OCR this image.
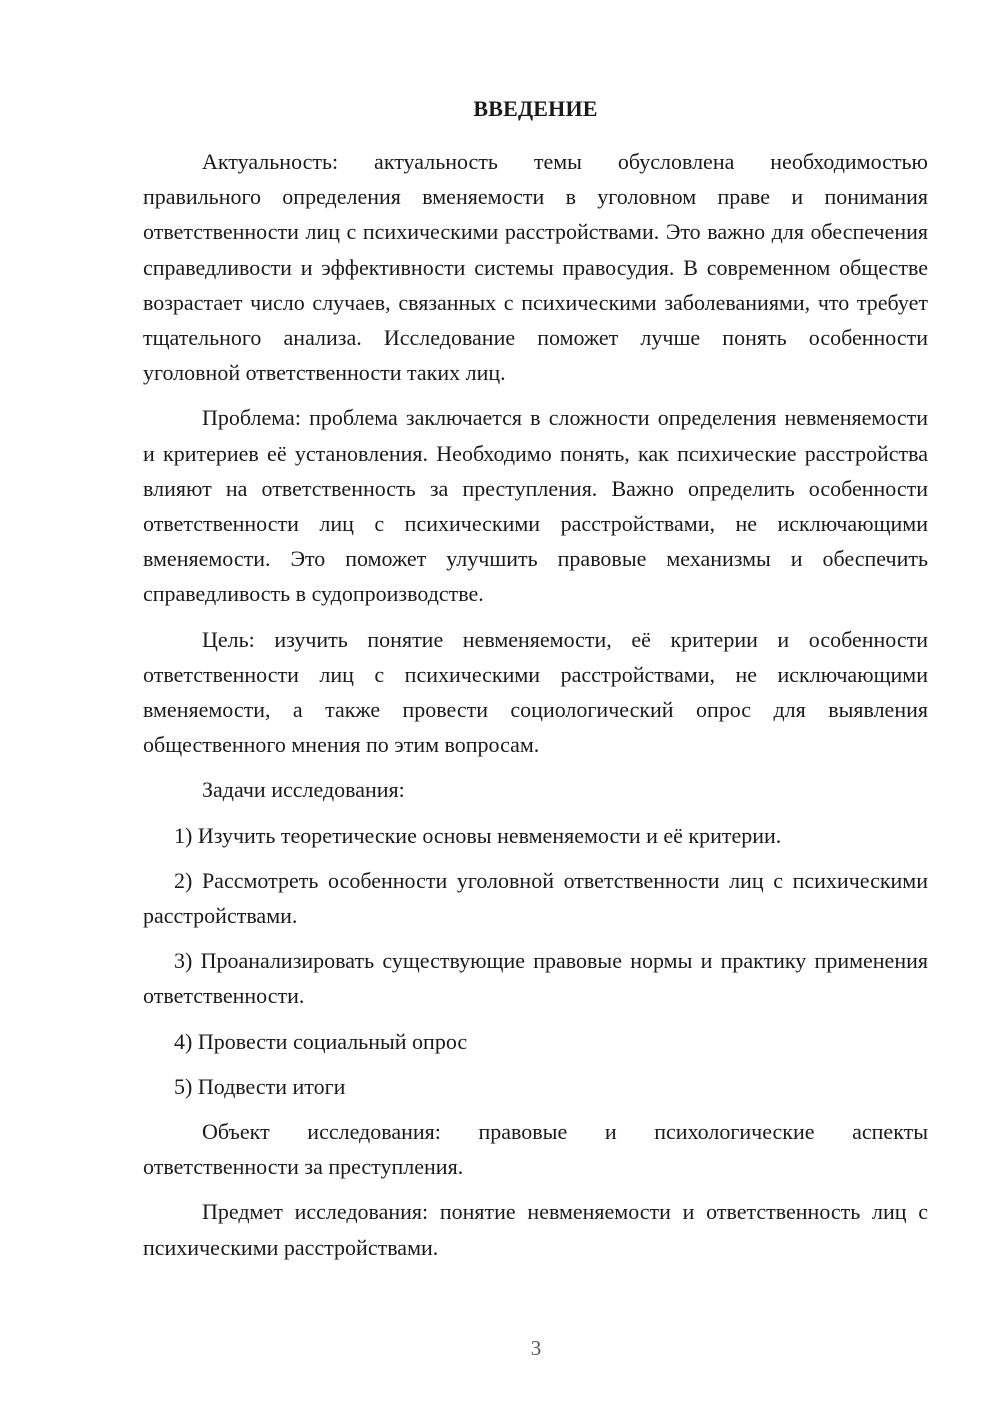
ВВЕДЕНИЕ

Актуальность: актуальность темы обусловлена необходимостью правильного определения вменяемости в уголовном праве и понимания ответственности лиц с психическими расстройствами. Это важно для обеспечения справедливости и эффективности системы правосудия. В современном обществе возрастает число случаев, связанных с психическими заболеваниями, что требует тщательного анализа. Исследование поможет лучше понять особенности уголовной ответственности таких лиц.

Проблема: проблема заключается в сложности определения невменяемости и критериев её установления. Необходимо понять, как психические расстройства влияют на ответственность за преступления. Важно определить особенности ответственности лиц с психическими расстройствами, не исключающими вменяемости. Это поможет улучшить правовые механизмы и обеспечить справедливость в судопроизводстве.

Цель: изучить понятие невменяемости, её критерии и особенности ответственности лиц с психическими расстройствами, не исключающими вменяемости, а также провести социологический опрос для выявления общественного мнения по этим вопросам.

Задачи исследования:

1) Изучить теоретические основы невменяемости и её критерии.

2) Рассмотреть особенности уголовной ответственности лиц с психическими расстройствами.

3) Проанализировать существующие правовые нормы и практику применения ответственности.

4) Провести социальный опрос

5) Подвести итоги

Объект исследования: правовые и психологические аспекты ответственности за преступления.

Предмет исследования: понятие невменяемости и ответственность лиц с психическими расстройствами.

3
